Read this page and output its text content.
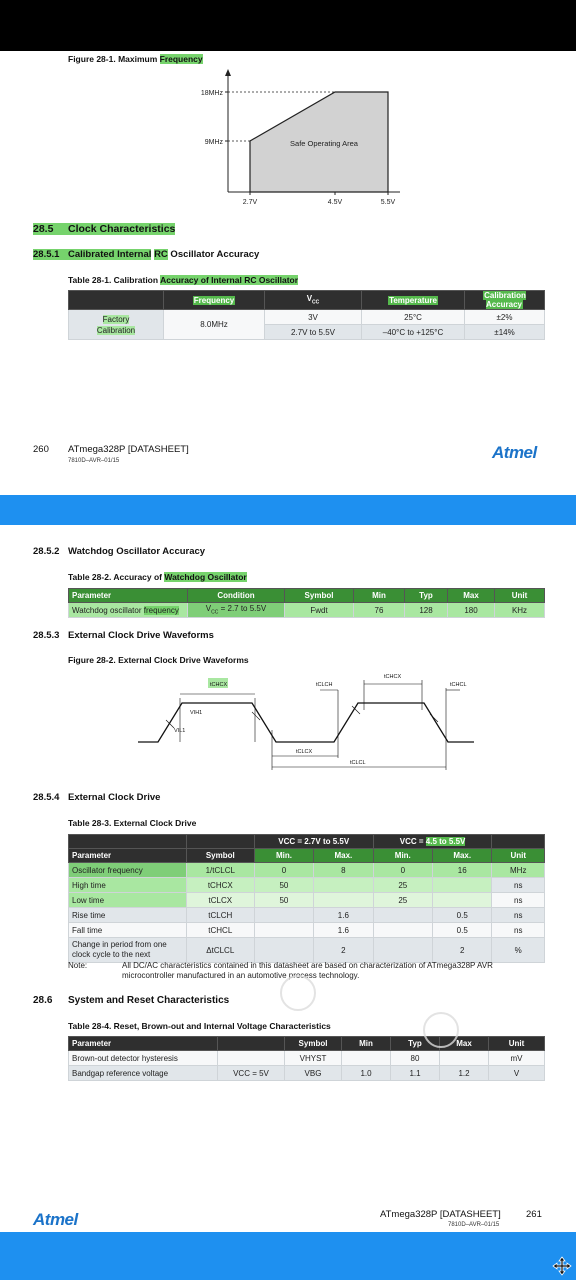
Figure 28-1. Maximum Frequency
18MHz
9MHz
2.7V	4.5V	5.5V
Safe Operating Area
28.5 Clock Characteristics
28.5.1 Calibrated Internal RC Oscillator Accuracy
Table 28-1. Calibration Accuracy of Internal RC Oscillator
	Frequency	$V_{CC}$	Temperature	Calibration Accuracy
Factory
Calibration	8.0MHz	3V	25°C	±2%
		2.7V to 5.5V	–40°C to +125°C	±14%
260 ATmega328P [DATASHEET]
7810D–AVR–01/15	Atmel
28.5.2 Watchdog Oscillator Accuracy
Table 28-2. Accuracy of Watchdog Oscillator
Parameter	Condition	Symbol	Min	Typ	Max	Unit
Watchdog oscillator frequency	$V_{CC} = 2.7$ to 5.5V	Fwdt	76	128	180	KHz
28.5.3 External Clock Drive Waveforms
Figure 28-2. External Clock Drive Waveforms
tCHCX	tCLCH
tCHCX
tCHCL
VIH1
VIL1
tCLCX
tCLCL
28.5.4 External Clock Drive
Table 28-3. External Clock Drive
		VCC = 2.7V to 5.5V		VCC = 4.5 to 5.5V		
Parameter	Symbol	Min.	Max.	Min.	Max.	Unit
Oscillator frequency	1/tCLCL	0	8	0	16	MHz
High time	tCHCX	50		25		ns
Low time	tCLCX	50		25		ns
Rise time	tCLCH		1.6		0.5	ns
Fall time	tCHCL		1.6		0.5	ns
Change in period from one clock cycle to the next	ΔtCLCL		2		2	%
Note:	All DC/AC characteristics contained in this datasheet are based on characterization of ATmega328P AVR microcontroller manufactured in an automotive process technology.
28.6 System and Reset Characteristics
Table 28-4. Reset, Brown-out and Internal Voltage Characteristics
Parameter		Symbol	Min	Typ	Max	Unit
Brown-out detector hysteresis		VHYST		80		mV
Bandgap reference voltage	VCC = 5V	VBG	1.0	1.1	1.2	V
Atmel	ATmega328P [DATASHEET]	261
7810D–AVR–01/15
